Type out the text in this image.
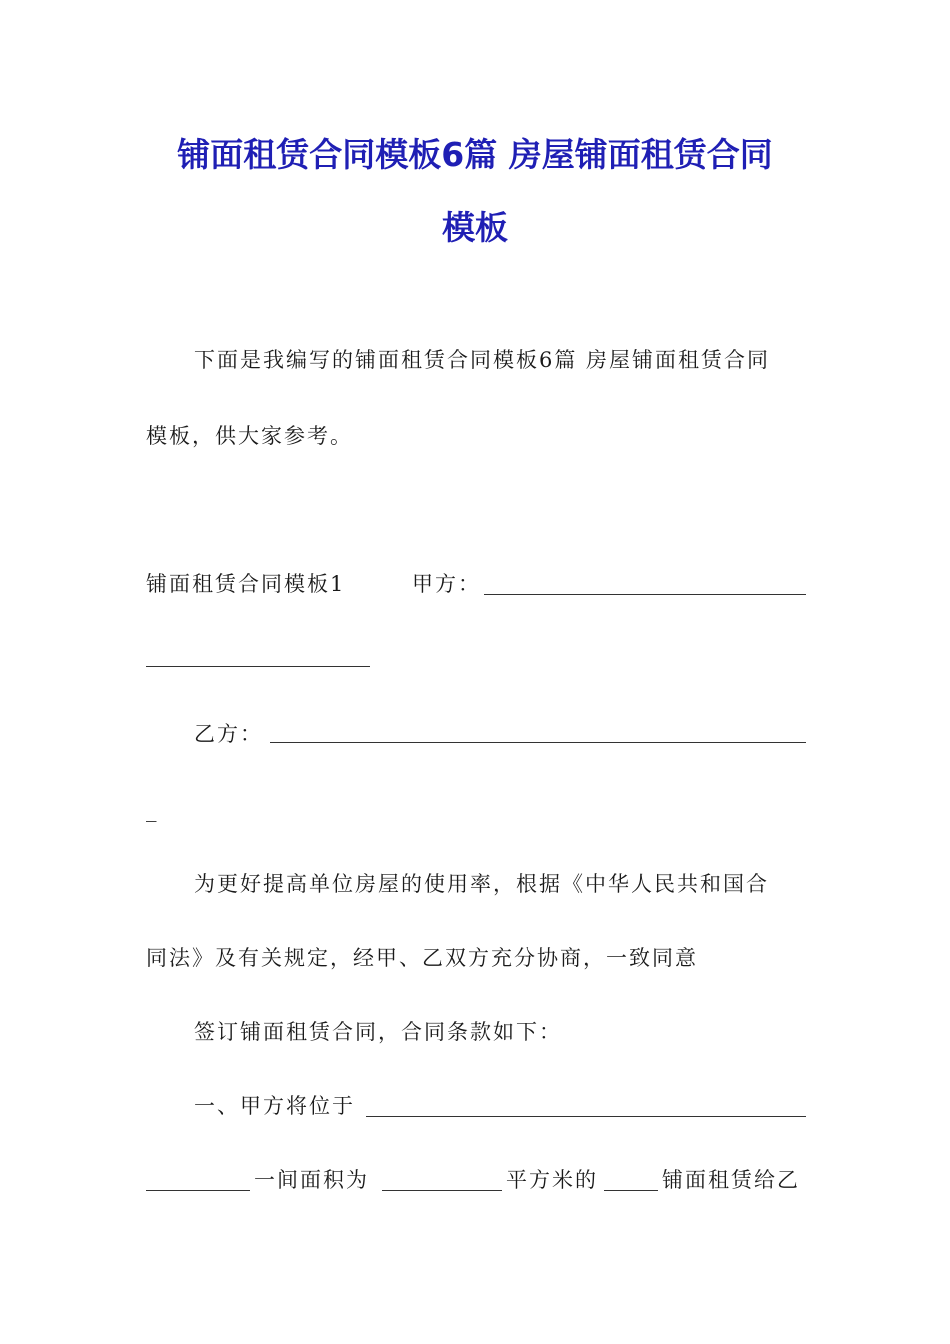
铺面租赁合同模板6篇 房屋铺面租赁合同
模板
下面是我编写的铺面租赁合同模板6篇 房屋铺面租赁合同
模板，供大家参考。
铺面租赁合同模板1	甲方：
乙方：
_
为更好提高单位房屋的使用率，根据《中华人民共和国合
同法》及有关规定，经甲、乙双方充分协商，一致同意
签订铺面租赁合同，合同条款如下：
一、甲方将位于
一间面积为	平方米的	铺面租赁给乙
